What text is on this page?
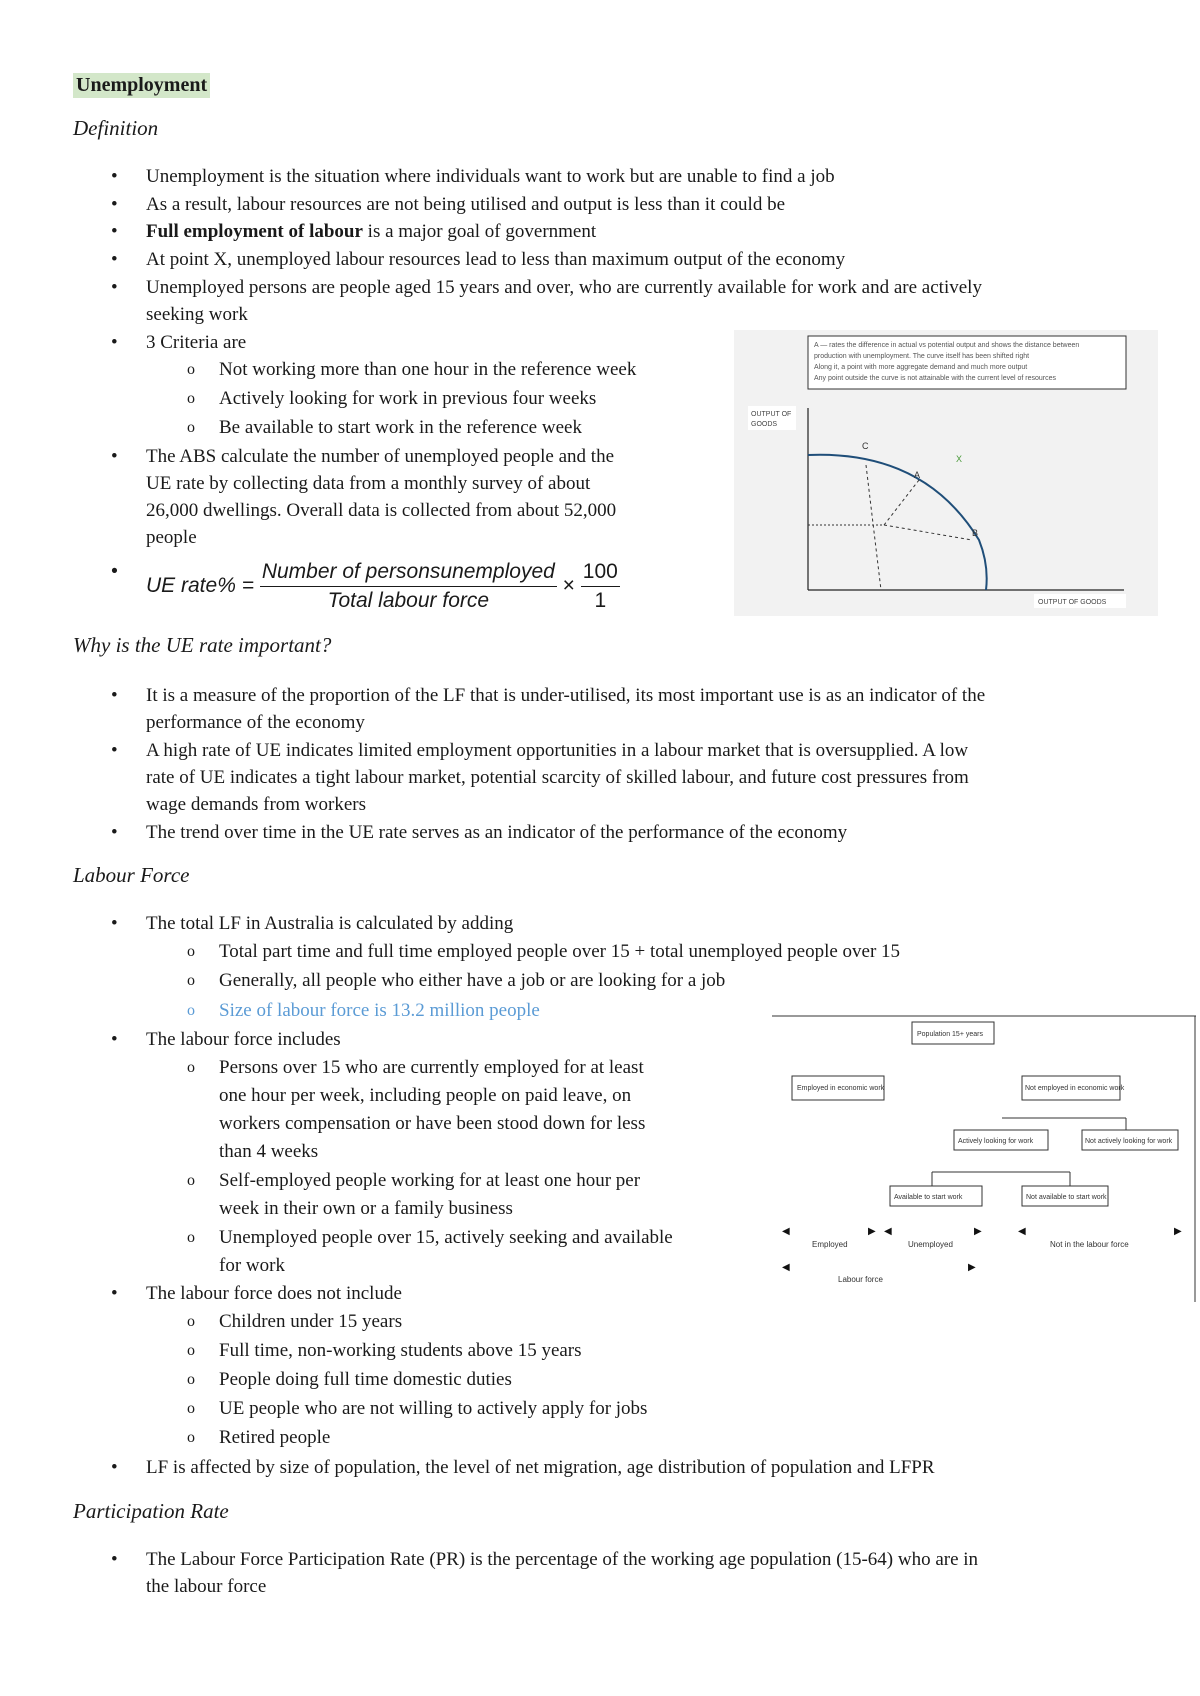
Unemployment
Definition
• Unemployment is the situation where individuals want to work but are unable to find a job
• As a result, labour resources are not being utilised and output is less than it could be
• Full employment of labour is a major goal of government
• At point X, unemployed labour resources lead to less than maximum output of the economy
• Unemployed persons are people aged 15 years and over, who are currently available for work and are actively
seeking work
• 3 Criteria are
o Not working more than one hour in the reference week
o Actively looking for work in previous four weeks
o Be available to start work in the reference week
• The ABS calculate the number of unemployed people and the
UE rate by collecting data from a monthly survey of about
26,000 dwellings. Overall data is collected from about 52,000
people
• UE rate% = $\frac{\text{Number of personsunemployed}}{\text{Total labour force}} \times \frac{100}{1}$
A — rates the difference in actual vs potential output and shows the distance between
production with unemployment. The curve itself has been shifted right
Along it, a point with more aggregate demand and much more output
Any point outside the curve is not attainable with the current level of resources
OUTPUT OF
GOODS
C
A
X
B
OUTPUT OF GOODS
Why is the UE rate important?
• It is a measure of the proportion of the LF that is under-utilised, its most important use is as an indicator of the
performance of the economy
• A high rate of UE indicates limited employment opportunities in a labour market that is oversupplied. A low
rate of UE indicates a tight labour market, potential scarcity of skilled labour, and future cost pressures from
wage demands from workers
• The trend over time in the UE rate serves as an indicator of the performance of the economy
Labour Force
• The total LF in Australia is calculated by adding
o Total part time and full time employed people over 15 + total unemployed people over 15
o Generally, all people who either have a job or are looking for a job
o Size of labour force is 13.2 million people
• The labour force includes
o Persons over 15 who are currently employed for at least
one hour per week, including people on paid leave, on
workers compensation or have been stood down for less
than 4 weeks
o Self-employed people working for at least one hour per
week in their own or a family business
o Unemployed people over 15, actively seeking and available
for work
• The labour force does not include
o Children under 15 years
o Full time, non-working students above 15 years
o People doing full time domestic duties
o UE people who are not willing to actively apply for jobs
o Retired people
• LF is affected by size of population, the level of net migration, age distribution of population and LFPR
Population 15+ years
Employed in economic work	Not employed in economic work
Actively looking for work	Not actively looking for work
Available to start work	Not available to start work
◀	▶
Employed
◀	▶
Unemployed
◀	▶
Not in the labour force
◀	▶
Labour force
Participation Rate
• The Labour Force Participation Rate (PR) is the percentage of the working age population (15-64) who are in
the labour force
